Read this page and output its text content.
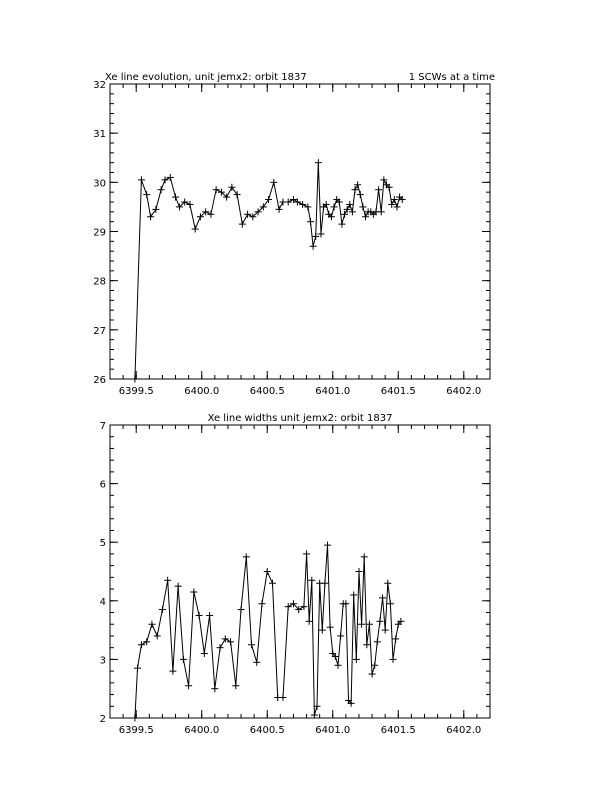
Xe line evolution, unit jemx2: orbit 1837	1 SCWs at a time
6399.5	6400.0	6400.5	6401.0	6401.5	6402.0
26
27
28
29
30
31
32
Xe line widths unit jemx2: orbit 1837
6399.5	6400.0	6400.5	6401.0	6401.5	6402.0
2
3
4
5
6
7
